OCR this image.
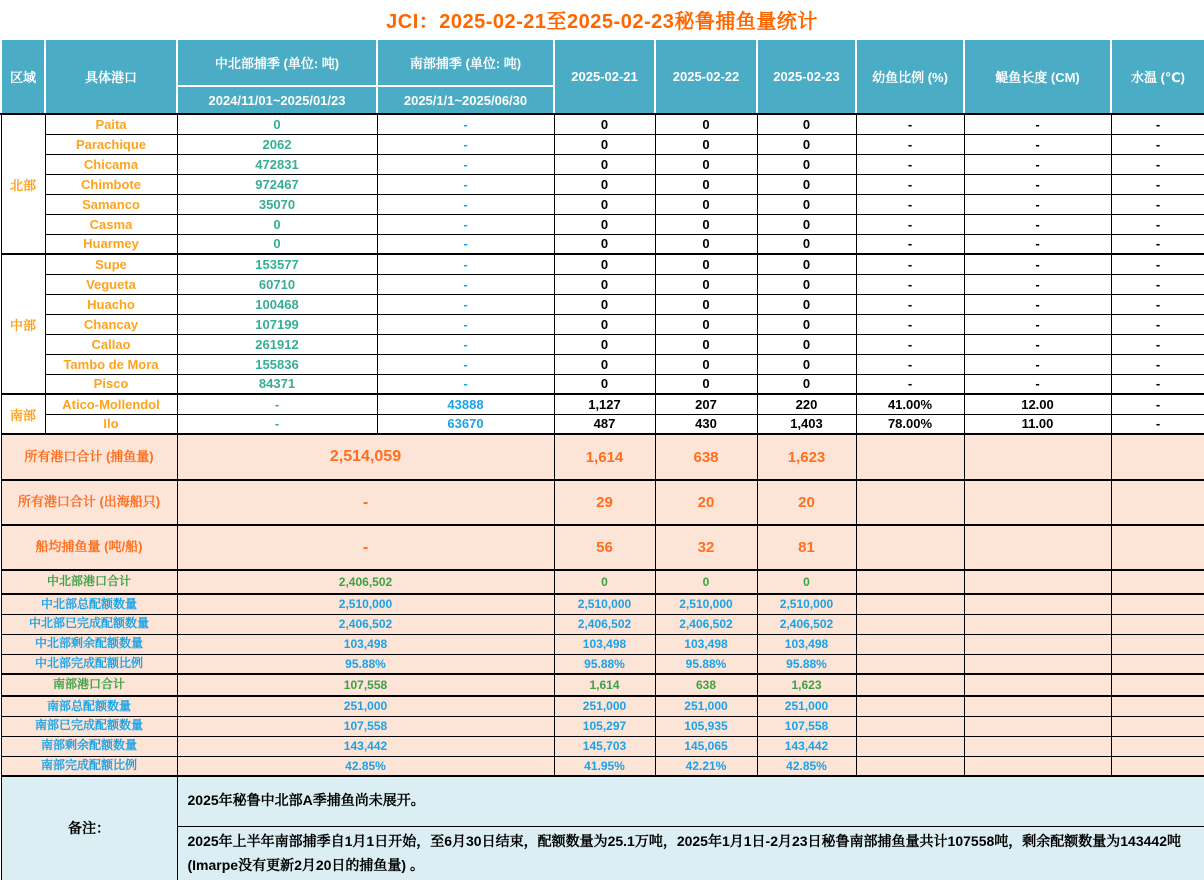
JCI：2025-02-21至2025-02-23秘鲁捕鱼量统计
区域	具体港口	中北部捕季 (单位: 吨)	南部捕季 (单位: 吨)	2025-02-21	2025-02-22	2025-02-23	幼鱼比例 (%)	鳀鱼长度 (CM)	水温 (℃)
		2024/11/01~2025/01/23	2025/1/1~2025/06/30						
北部	Paita	0	-	0	0	0	-	-	-
	Parachique	2062	-	0	0	0	-	-	-
	Chicama	472831	-	0	0	0	-	-	-
	Chimbote	972467	-	0	0	0	-	-	-
	Samanco	35070	-	0	0	0	-	-	-
	Casma	0	-	0	0	0	-	-	-
	Huarmey	0	-	0	0	0	-	-	-
中部	Supe	153577	-	0	0	0	-	-	-
	Vegueta	60710	-	0	0	0	-	-	-
	Huacho	100468	-	0	0	0	-	-	-
	Chancay	107199	-	0	0	0	-	-	-
	Callao	261912	-	0	0	0	-	-	-
	Tambo de Mora	155836	-	0	0	0	-	-	-
	Pisco	84371	-	0	0	0	-	-	-
南部	Atico-Mollendol	-	43888	1,127	207	220	41.00%	12.00	-
	Ilo	-	63670	487	430	1,403	78.00%	11.00	-
所有港口合计 (捕鱼量)		2,514,059		1,614	638	1,623			
所有港口合计 (出海船只)		-		29	20	20			
船均捕鱼量 (吨/船)		-		56	32	81			
中北部港口合计		2,406,502		0	0	0			
中北部总配额数量		2,510,000		2,510,000	2,510,000	2,510,000			
中北部已完成配额数量		2,406,502		2,406,502	2,406,502	2,406,502			
中北部剩余配额数量		103,498		103,498	103,498	103,498			
中北部完成配额比例		95.88%		95.88%	95.88%	95.88%			
南部港口合计		107,558		1,614	638	1,623			
南部总配额数量		251,000		251,000	251,000	251,000			
南部已完成配额数量		107,558		105,297	105,935	107,558			
南部剩余配额数量		143,442		145,703	145,065	143,442			
南部完成配额比例		42.85%		41.95%	42.21%	42.85%			
备注：		2025年秘鲁中北部A季捕鱼尚未展开。							
		2025年上半年南部捕季自1月1日开始，至6月30日结束，配额数量为25.1万吨，2025年1月1日-2月23日秘鲁南部捕鱼量共计107558吨，剩余配额数量为143442吨 (Imarpe没有更新2月20日的捕鱼量) 。							
